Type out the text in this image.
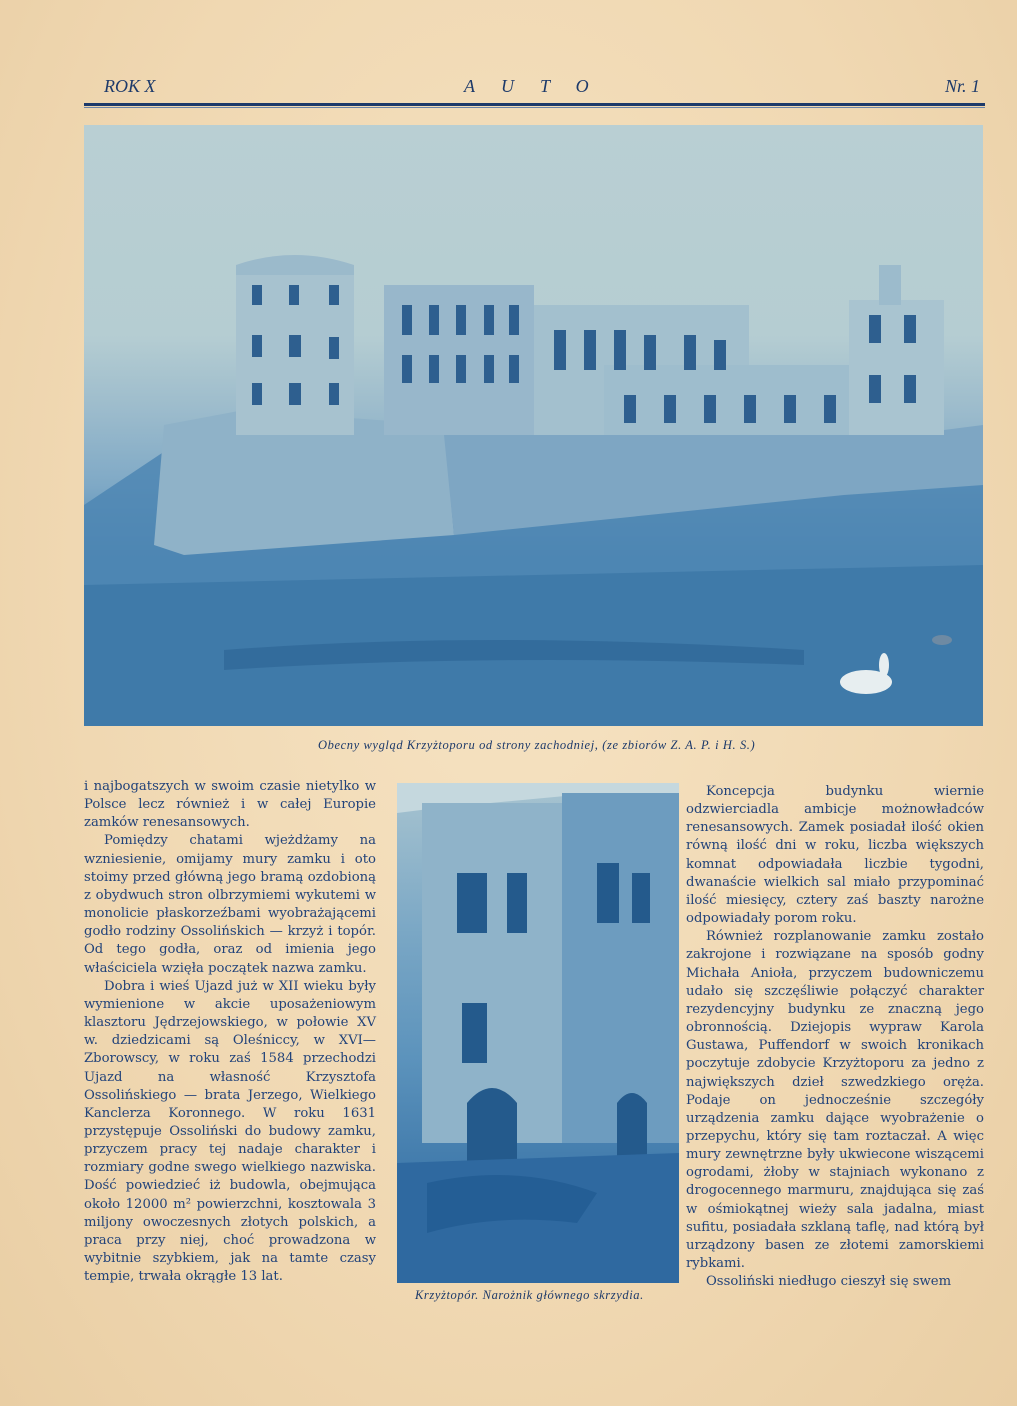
ROK X	AUTO	Nr. 1
Obecny wygląd Krzyżtoporu od strony zachodniej, (ze zbiorów Z. A. P. i H. S.)

i najbogatszych w swoim czasie nietylko w Polsce lecz również i w całej Europie zamków renesansowych.

Pomiędzy chatami wjeżdżamy na wzniesienie, omijamy mury zamku i oto stoimy przed główną jego bramą ozdobioną z obydwuch stron olbrzymiemi wykutemi w monolicie płaskorzeźbami wyobrażającemi godło rodziny Ossolińskich — krzyż i topór. Od tego godła, oraz od imienia jego właściciela wzięła początek nazwa zamku.

Dobra i wieś Ujazd już w XII wieku były wymienione w akcie uposażeniowym klasztoru Jędrzejowskiego, w połowie XV w. dziedzicami są Oleśniccy, w XVI— Zborowscy, w roku zaś 1584 przechodzi Ujazd na własność Krzysztofa Ossolińskiego — brata Jerzego, Wielkiego Kanclerza Koronnego. W roku 1631 przystępuje Ossoliński do budowy zamku, przyczem pracy tej nadaje charakter i rozmiary godne swego wielkiego nazwiska. Dość powiedzieć iż budowla, obejmująca około 12000 m² powierzchni, kosztowala 3 miljony owoczesnych złotych polskich, a praca przy niej, choć prowadzona w wybitnie szybkiem, jak na tamte czasy tempie, trwała okrągłe 13 lat.

Krzyżtopór. Narożnik głównego skrzydia.

Koncepcja budynku wiernie odzwierciadla ambicje możnowładców renesansowych. Zamek posiadał ilość okien równą ilość dni w roku, liczba większych komnat odpowiadała liczbie tygodni, dwanaście wielkich sal miało przypominać ilość miesięcy, cztery zaś baszty narożne odpowiadały porom roku.

Również rozplanowanie zamku zostało zakrojone i rozwiązane na sposób godny Michała Anioła, przyczem budowniczemu udało się szczęśliwie połączyć charakter rezydencyjny budynku ze znaczną jego obronnością. Dziejopis wypraw Karola Gustawa, Puffendorf w swoich kronikach poczytuje zdobycie Krzyżtoporu za jedno z największych dzieł szwedzkiego oręża. Podaje on jednocześnie szczegóły urządzenia zamku dające wyobrażenie o przepychu, który się tam roztaczał. A więc mury zewnętrzne były ukwiecone wiszącemi ogrodami, żłoby w stajniach wykonano z drogocennego marmuru, znajdująca się zaś w ośmiokątnej wieży sala jadalna, miast sufitu, posiadała szklaną taflę, nad którą był urządzony basen ze złotemi zamorskiemi rybkami.

Ossoliński niedługo cieszył się swem
